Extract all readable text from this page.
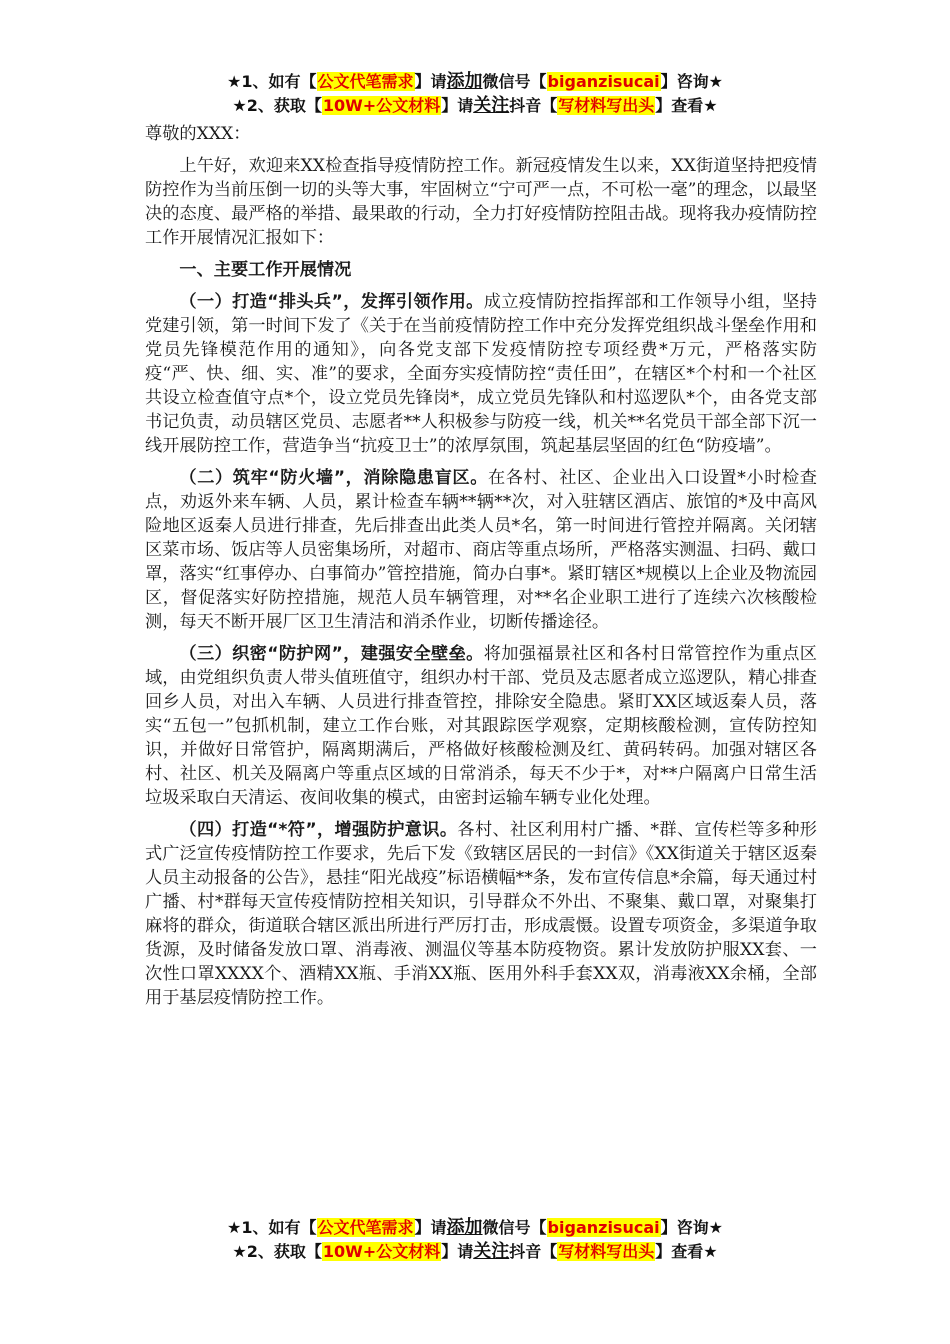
★1、如有【公文代笔需求】请添加微信号【biganzisucai】咨询★
★2、获取【10W+公文材料】请关注抖音【写材料写出头】查看★

尊敬的XXX：

上午好，欢迎来XX检查指导疫情防控工作。新冠疫情发生以来，XX街道坚持把疫情防控作为当前压倒一切的头等大事，牢固树立“宁可严一点，不可松一毫”的理念，以最坚决的态度、最严格的举措、最果敢的行动，全力打好疫情防控阻击战。现将我办疫情防控工作开展情况汇报如下：

一、主要工作开展情况

（一）打造“排头兵”，发挥引领作用。成立疫情防控指挥部和工作领导小组，坚持党建引领，第一时间下发了《关于在当前疫情防控工作中充分发挥党组织战斗堡垒作用和党员先锋模范作用的通知》，向各党支部下发疫情防控专项经费*万元，严格落实防疫“严、快、细、实、准”的要求，全面夯实疫情防控“责任田”，在辖区*个村和一个社区共设立检查值守点*个，设立党员先锋岗*，成立党员先锋队和村巡逻队*个，由各党支部书记负责，动员辖区党员、志愿者**人积极参与防疫一线，机关**名党员干部全部下沉一线开展防控工作，营造争当“抗疫卫士”的浓厚氛围，筑起基层坚固的红色“防疫墙”。

（二）筑牢“防火墙”，消除隐患盲区。在各村、社区、企业出入口设置*小时检查点，劝返外来车辆、人员，累计检查车辆**辆**次，对入驻辖区酒店、旅馆的*及中高风险地区返秦人员进行排查，先后排查出此类人员*名，第一时间进行管控并隔离。关闭辖区菜市场、饭店等人员密集场所，对超市、商店等重点场所，严格落实测温、扫码、戴口罩，落实“红事停办、白事简办”管控措施，简办白事*。紧盯辖区*规模以上企业及物流园区，督促落实好防控措施，规范人员车辆管理，对**名企业职工进行了连续六次核酸检测，每天不断开展厂区卫生清洁和消杀作业，切断传播途径。

（三）织密“防护网”，建强安全壁垒。将加强福景社区和各村日常管控作为重点区域，由党组织负责人带头值班值守，组织办村干部、党员及志愿者成立巡逻队，精心排查回乡人员，对出入车辆、人员进行排查管控，排除安全隐患。紧盯XX区域返秦人员，落实“五包一”包抓机制，建立工作台账，对其跟踪医学观察，定期核酸检测，宣传防控知识，并做好日常管护，隔离期满后，严格做好核酸检测及红、黄码转码。加强对辖区各村、社区、机关及隔离户等重点区域的日常消杀，每天不少于*，对**户隔离户日常生活垃圾采取白天清运、夜间收集的模式，由密封运输车辆专业化处理。

（四）打造“*符”，增强防护意识。各村、社区利用村广播、*群、宣传栏等多种形式广泛宣传疫情防控工作要求，先后下发《致辖区居民的一封信》《XX街道关于辖区返秦人员主动报备的公告》，悬挂“阳光战疫”标语横幅**条，发布宣传信息*余篇，每天通过村广播、村*群每天宣传疫情防控相关知识，引导群众不外出、不聚集、戴口罩，对聚集打麻将的群众，街道联合辖区派出所进行严厉打击，形成震慑。设置专项资金，多渠道争取货源，及时储备发放口罩、消毒液、测温仪等基本防疫物资。累计发放防护服XX套、一次性口罩XXXX个、酒精XX瓶、手消XX瓶、医用外科手套XX双，消毒液XX余桶，全部用于基层疫情防控工作。

★1、如有【公文代笔需求】请添加微信号【biganzisucai】咨询★
★2、获取【10W+公文材料】请关注抖音【写材料写出头】查看★
